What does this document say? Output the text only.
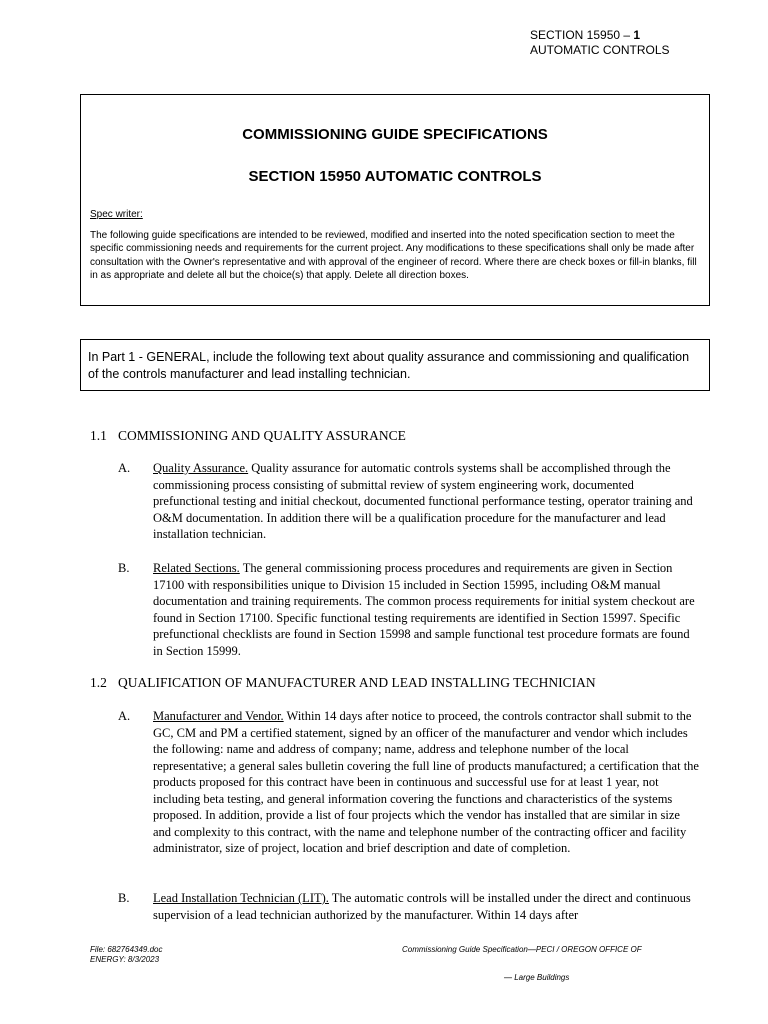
SECTION 15950 – 1
AUTOMATIC CONTROLS
COMMISSIONING GUIDE SPECIFICATIONS
SECTION 15950 AUTOMATIC CONTROLS
Spec writer:
The following guide specifications are intended to be reviewed, modified and inserted into the noted specification section to meet the specific commissioning needs and requirements for the current project. Any modifications to these specifications shall only be made after consultation with the Owner's representative and with approval of the engineer of record. Where there are check boxes or fill-in blanks, fill in as appropriate and delete all but the choice(s) that apply. Delete all direction boxes.
In Part 1 - GENERAL, include the following text about quality assurance and commissioning and qualification of the controls manufacturer and lead installing technician.
1.1 COMMISSIONING AND QUALITY ASSURANCE
A. Quality Assurance. Quality assurance for automatic controls systems shall be accomplished through the commissioning process consisting of submittal review of system engineering work, documented prefunctional testing and initial checkout, documented functional performance testing, operator training and O&M documentation. In addition there will be a qualification procedure for the manufacturer and lead installation technician.
B. Related Sections. The general commissioning process procedures and requirements are given in Section 17100 with responsibilities unique to Division 15 included in Section 15995, including O&M manual documentation and training requirements. The common process requirements for initial system checkout are found in Section 17100. Specific functional testing requirements are identified in Section 15997. Specific prefunctional checklists are found in Section 15998 and sample functional test procedure formats are found in Section 15999.
1.2 QUALIFICATION OF MANUFACTURER AND LEAD INSTALLING TECHNICIAN
A. Manufacturer and Vendor. Within 14 days after notice to proceed, the controls contractor shall submit to the GC, CM and PM a certified statement, signed by an officer of the manufacturer and vendor which includes the following: name and address of company; name, address and telephone number of the local representative; a general sales bulletin covering the full line of products manufactured; a certification that the products proposed for this contract have been in continuous and successful use for at least 1 year, not including beta testing, and general information covering the functions and characteristics of the systems proposed. In addition, provide a list of four projects which the vendor has installed that are similar in size and complexity to this contract, with the name and telephone number of the contracting officer and facility administrator, size of project, location and brief description and date of completion.
B. Lead Installation Technician (LIT). The automatic controls will be installed under the direct and continuous supervision of a lead technician authorized by the manufacturer. Within 14 days after
File: 682764349.doc
ENERGY: 8/3/2023
Commissioning Guide Specification—PECI / OREGON OFFICE OF
— Large Buildings
